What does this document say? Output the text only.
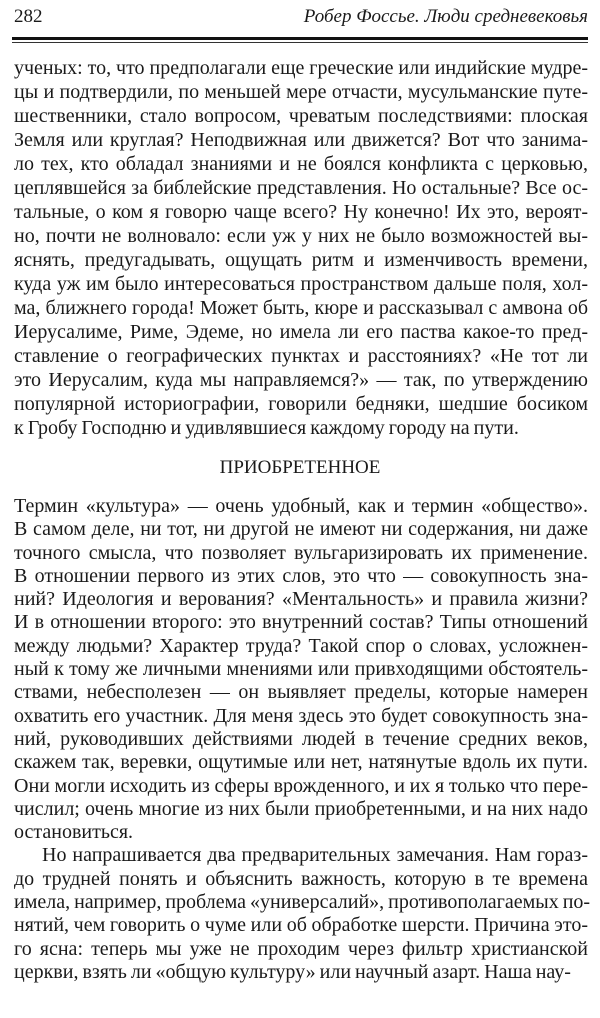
282	Робер Фоссье. Люди средневековья
ученых: то, что предполагали еще греческие или индийские мудре-
цы и подтвердили, по меньшей мере отчасти, мусульманские путе-
шественники, стало вопросом, чреватым последствиями: плоская
Земля или круглая? Неподвижная или движется? Вот что занима-
ло тех, кто обладал знаниями и не боялся конфликта с церковью,
цеплявшейся за библейские представления. Но остальные? Все ос-
тальные, о ком я говорю чаще всего? Ну конечно! Их это, вероят-
но, почти не волновало: если уж у них не было возможностей вы-
яснять, предугадывать, ощущать ритм и изменчивость времени,
куда уж им было интересоваться пространством дальше поля, хол-
ма, ближнего города! Может быть, кюре и рассказывал с амвона об
Иерусалиме, Риме, Эдеме, но имела ли его паства какое-то пред-
ставление о географических пунктах и расстояниях? «Не тот ли
это Иерусалим, куда мы направляемся?» — так, по утверждению
популярной историографии, говорили бедняки, шедшие босиком
к Гробу Господню и удивлявшиеся каждому городу на пути.
ПРИОБРЕТЕННОЕ
Термин «культура» — очень удобный, как и термин «общество».
В самом деле, ни тот, ни другой не имеют ни содержания, ни даже
точного смысла, что позволяет вульгаризировать их применение.
В отношении первого из этих слов, это что — совокупность зна-
ний? Идеология и верования? «Ментальность» и правила жизни?
И в отношении второго: это внутренний состав? Типы отношений
между людьми? Характер труда? Такой спор о словах, усложнен-
ный к тому же личными мнениями или привходящими обстоятель-
ствами, небесполезен — он выявляет пределы, которые намерен
охватить его участник. Для меня здесь это будет совокупность зна-
ний, руководивших действиями людей в течение средних веков,
скажем так, веревки, ощутимые или нет, натянутые вдоль их пути.
Они могли исходить из сферы врожденного, и их я только что пере-
числил; очень многие из них были приобретенными, и на них надо
остановиться.
Но напрашивается два предварительных замечания. Нам гораз-
до трудней понять и объяснить важность, которую в те времена
имела, например, проблема «универсалий», противополагаемых по-
нятий, чем говорить о чуме или об обработке шерсти. Причина это-
го ясна: теперь мы уже не проходим через фильтр христианской
церкви, взять ли «общую культуру» или научный азарт. Наша нау-
